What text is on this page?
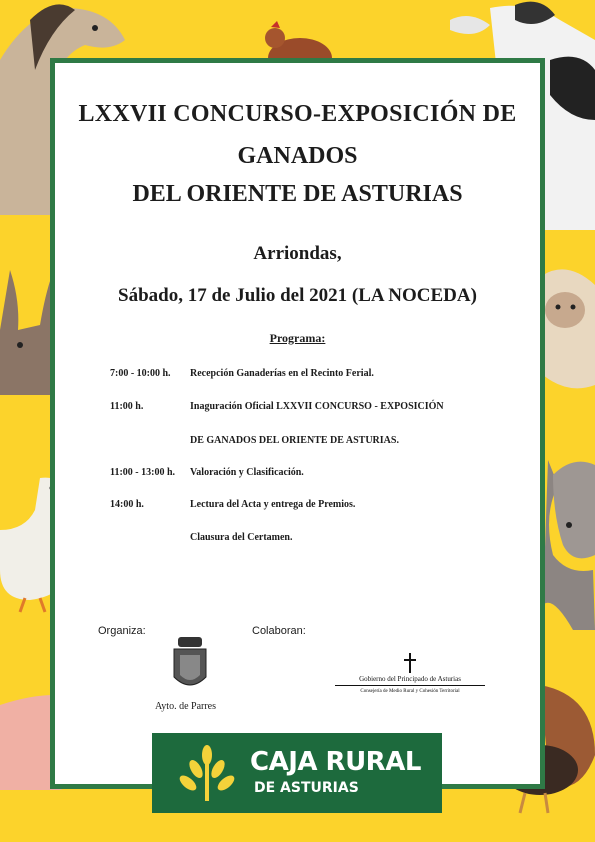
LXXVII CONCURSO-EXPOSICIÓN DE
GANADOS
DEL ORIENTE DE ASTURIAS
Arriondas,
Sábado, 17 de Julio del 2021 (LA NOCEDA)
Programa:
7:00 - 10:00 h. Recepción Ganaderías en el Recinto Ferial.
11:00 h.	Inaguración Oficial LXXVII CONCURSO - EXPOSICIÓN
DE GANADOS DEL ORIENTE DE ASTURIAS.
11:00 - 13:00 h. Valoración y Clasificación.
14:00 h.	Lectura del Acta y entrega de Premios.
Clausura del Certamen.
Organiza:	Colaboran:
Ayto. de Parres
Gobierno del Principado de Asturias
Consejería de Medio Rural y Cohesión Territorial
CAJA RURAL
DE ASTURIAS
